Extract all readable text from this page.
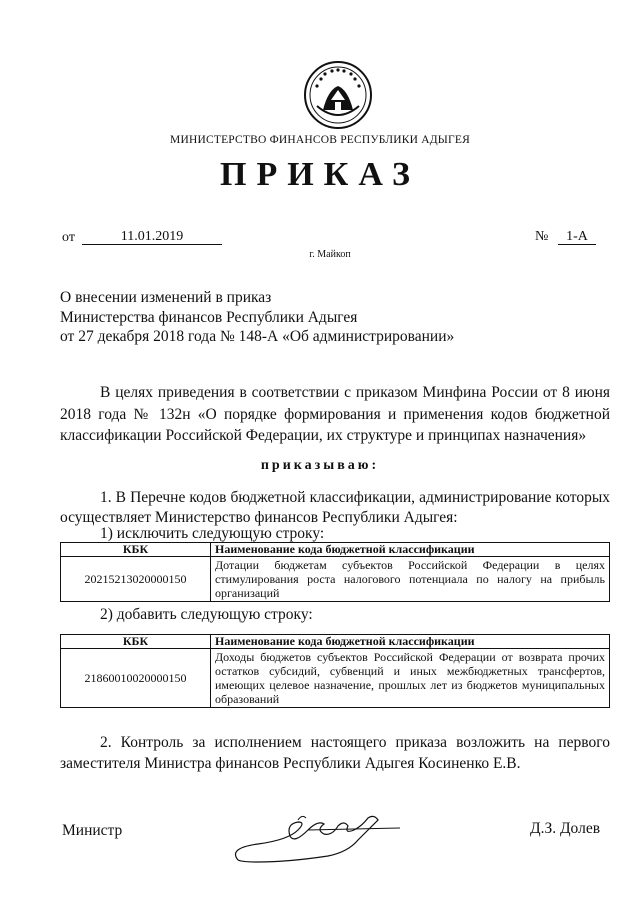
МИНИСТЕРСТВО ФИНАНСОВ РЕСПУБЛИКИ АДЫГЕЯ
ПРИКАЗ
от	11.01.2019	№	1-А
г. Майкоп
О внесении изменений в приказ
Министерства финансов Республики Адыгея
от 27 декабря 2018 года № 148-А «Об администрировании»
В целях приведения в соответствии с приказом Минфина России от 8 июня 2018 года № 132н «О порядке формирования и применения кодов бюджетной классификации Российской Федерации, их структуре и принципах назначения»
приказываю:
1. В Перечне кодов бюджетной классификации, администрирование которых осуществляет Министерство финансов Республики Адыгея:
1) исключить следующую строку:
КБК	Наименование кода бюджетной классификации
20215213020000150	Дотации бюджетам субъектов Российской Федерации в целях стимулирования роста налогового потенциала по налогу на прибыль организаций
2) добавить следующую строку:
КБК	Наименование кода бюджетной классификации
21860010020000150	Доходы бюджетов субъектов Российской Федерации от возврата прочих остатков субсидий, субвенций и иных межбюджетных трансфертов, имеющих целевое назначение, прошлых лет из бюджетов муниципальных образований
2. Контроль за исполнением настоящего приказа возложить на первого заместителя Министра финансов Республики Адыгея Косиненко Е.В.
Министр	Д.З. Долев
